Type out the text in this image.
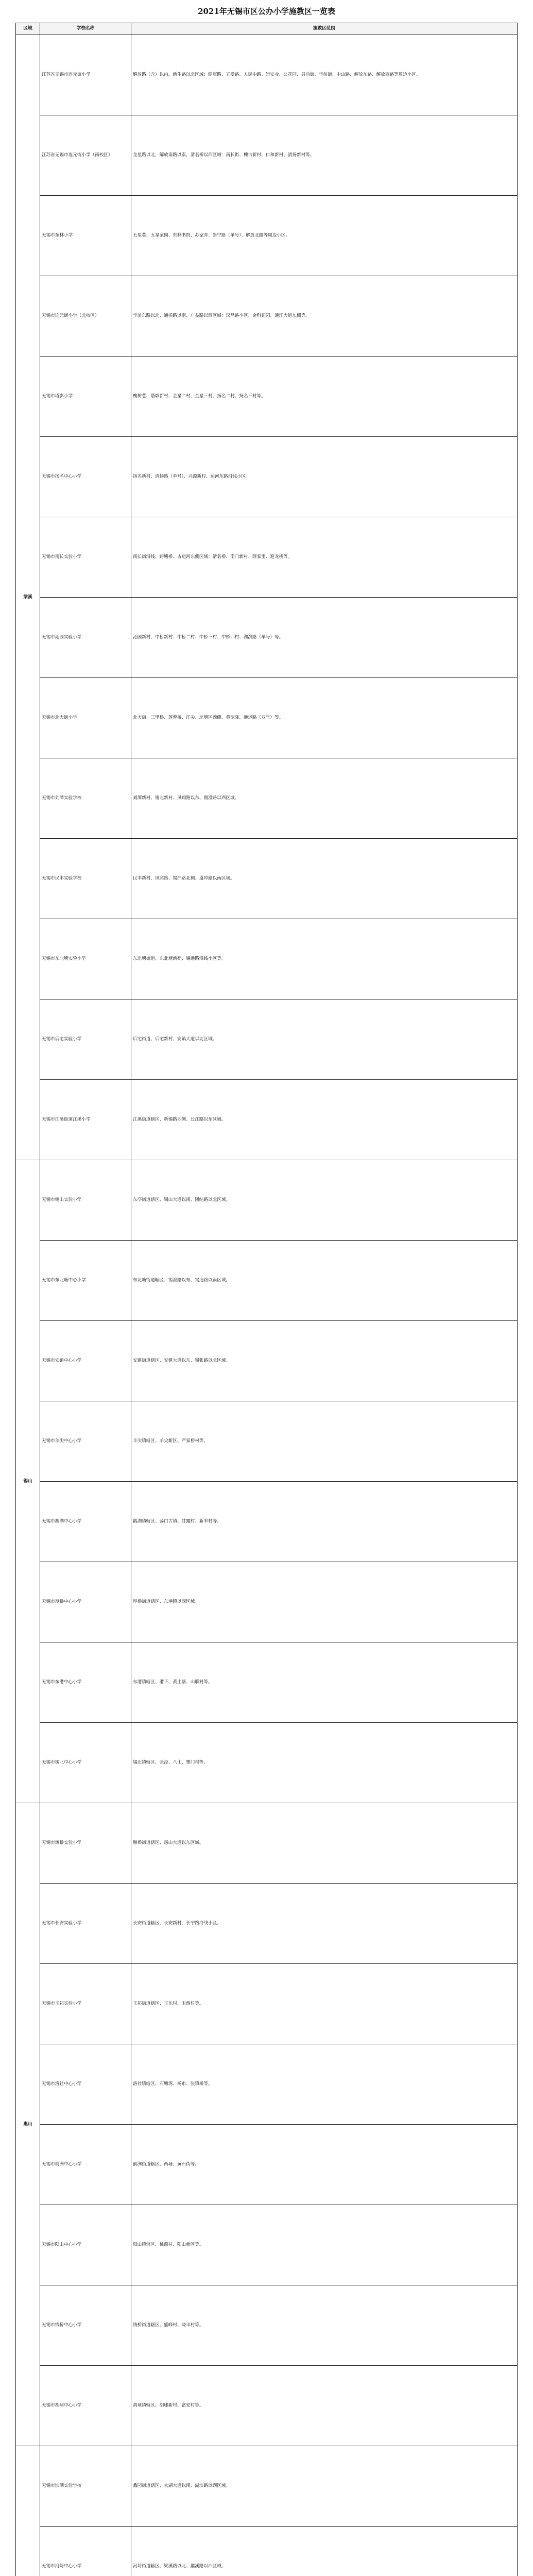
2021年无锡市区公办小学施教区一览表
区域	学校名称	施教区范围
梁溪	江苏省无锡市连元街小学	解放路（含）以内，新生路以北区域：健康路、五爱路、人民中路、崇安寺、公花园、县前街、学前街、中山路、解放东路、解放西路等周边小区。
	江苏省无锡市连元街小学（南校区）	金星路以北，解放南路以南，清名桥以西区域：南长街、槐古新村、仁和新村、清扬新村等。
	无锡市东林小学	五星巷、五星家园、东林书院、苏家弄、崇宁路（单号）、解放北路等周边小区。
	无锡市连元街小学（北校区）	学前东路以北、通扬路以南、广益路以西区域：汉昌路小区、金科花园、通江大道东侧等。
	无锡市塔影小学	槐树巷、塔影新村、金星二村、金星三村、扬名二村、扬名三村等。
	无锡市扬名中心小学	扬名新村、清扬路（单号）、兴源新村、运河东路沿线小区。
	无锡市南长实验小学	南长街沿线、跨塘桥、古运河东侧区域：清名桥、南门新村、薛家里、迎龙桥等。
	无锡市沁园实验小学	沁园新村、中桥新村、中桥二村、中桥三村、中桥四村、湖滨路（单号）等。
	无锡市北大街小学	北大街、三里桥、莲蓉桥、江尖、北塘区西侧、黄泥降、通运路（双号）等。
	无锡市刘潭实验学校	刘潭新村、锡北新村、凤翔路以东、锡澄路以西区域。
	无锡市民丰实验学校	民丰新村、凤宾路、锡沪路北侧、盛岸路以南区域。
	无锡市东北塘实验小学	东北塘街道、东北塘新苑、锡通路沿线小区等。
	无锡市后宅实验小学	后宅街道、后宅新村、安镇大道以北区域。
	无锡市江溪街道江溪小学	江溪街道辖区、新锡路西侧、长江路以东区域。
锡山	无锡市锡山实验小学	东亭街道辖区、锡山大道以南、团结路以北区域。
	无锡市东北塘中心小学	东北塘街道辖区、锡澄路以东、锡通路以南区域。
	无锡市安镇中心小学	安镇街道辖区、安镇大道以东、锡张路以北区域。
	无锡市羊尖中心小学	羊尖镇辖区、羊尖新区、严家桥村等。
	无锡市鹅湖中心小学	鹅湖镇辖区、荡口古镇、甘露村、新丰村等。
	无锡市厚桥中心小学	厚桥街道辖区、东港镇以西区域。
	无锡市东港中心小学	东港镇辖区、港下、黄土塘、山联村等。
	无锡市锡北中心小学	锡北镇辖区、张泾、八士、寨门村等。
惠山	无锡市堰桥实验小学	堰桥街道辖区、惠山大道以东区域。
	无锡市长安实验小学	长安街道辖区、长安新村、长宁路沿线小区。
	无锡市玉祁实验小学	玉祁街道辖区、玉东村、玉西村等。
	无锡市洛社中心小学	洛社镇辖区、石塘湾、杨市、张镇桥等。
	无锡市前洲中心小学	前洲街道辖区、西塘、黄石街等。
	无锡市阳山中心小学	阳山镇辖区、桃源村、阳山新区等。
	无锡市钱桥中心小学	钱桥街道辖区、盛峰村、晓丰村等。
	无锡市胡埭中心小学	胡埭镇辖区、胡埭新村、富安村等。
	无锡市滨湖实验学校	蠡园街道辖区、太湖大道以南、湖滨路以西区域。
	无锡市河埒中心小学	河埒街道辖区、梁溪路以北、蠡溪路以西区域。
